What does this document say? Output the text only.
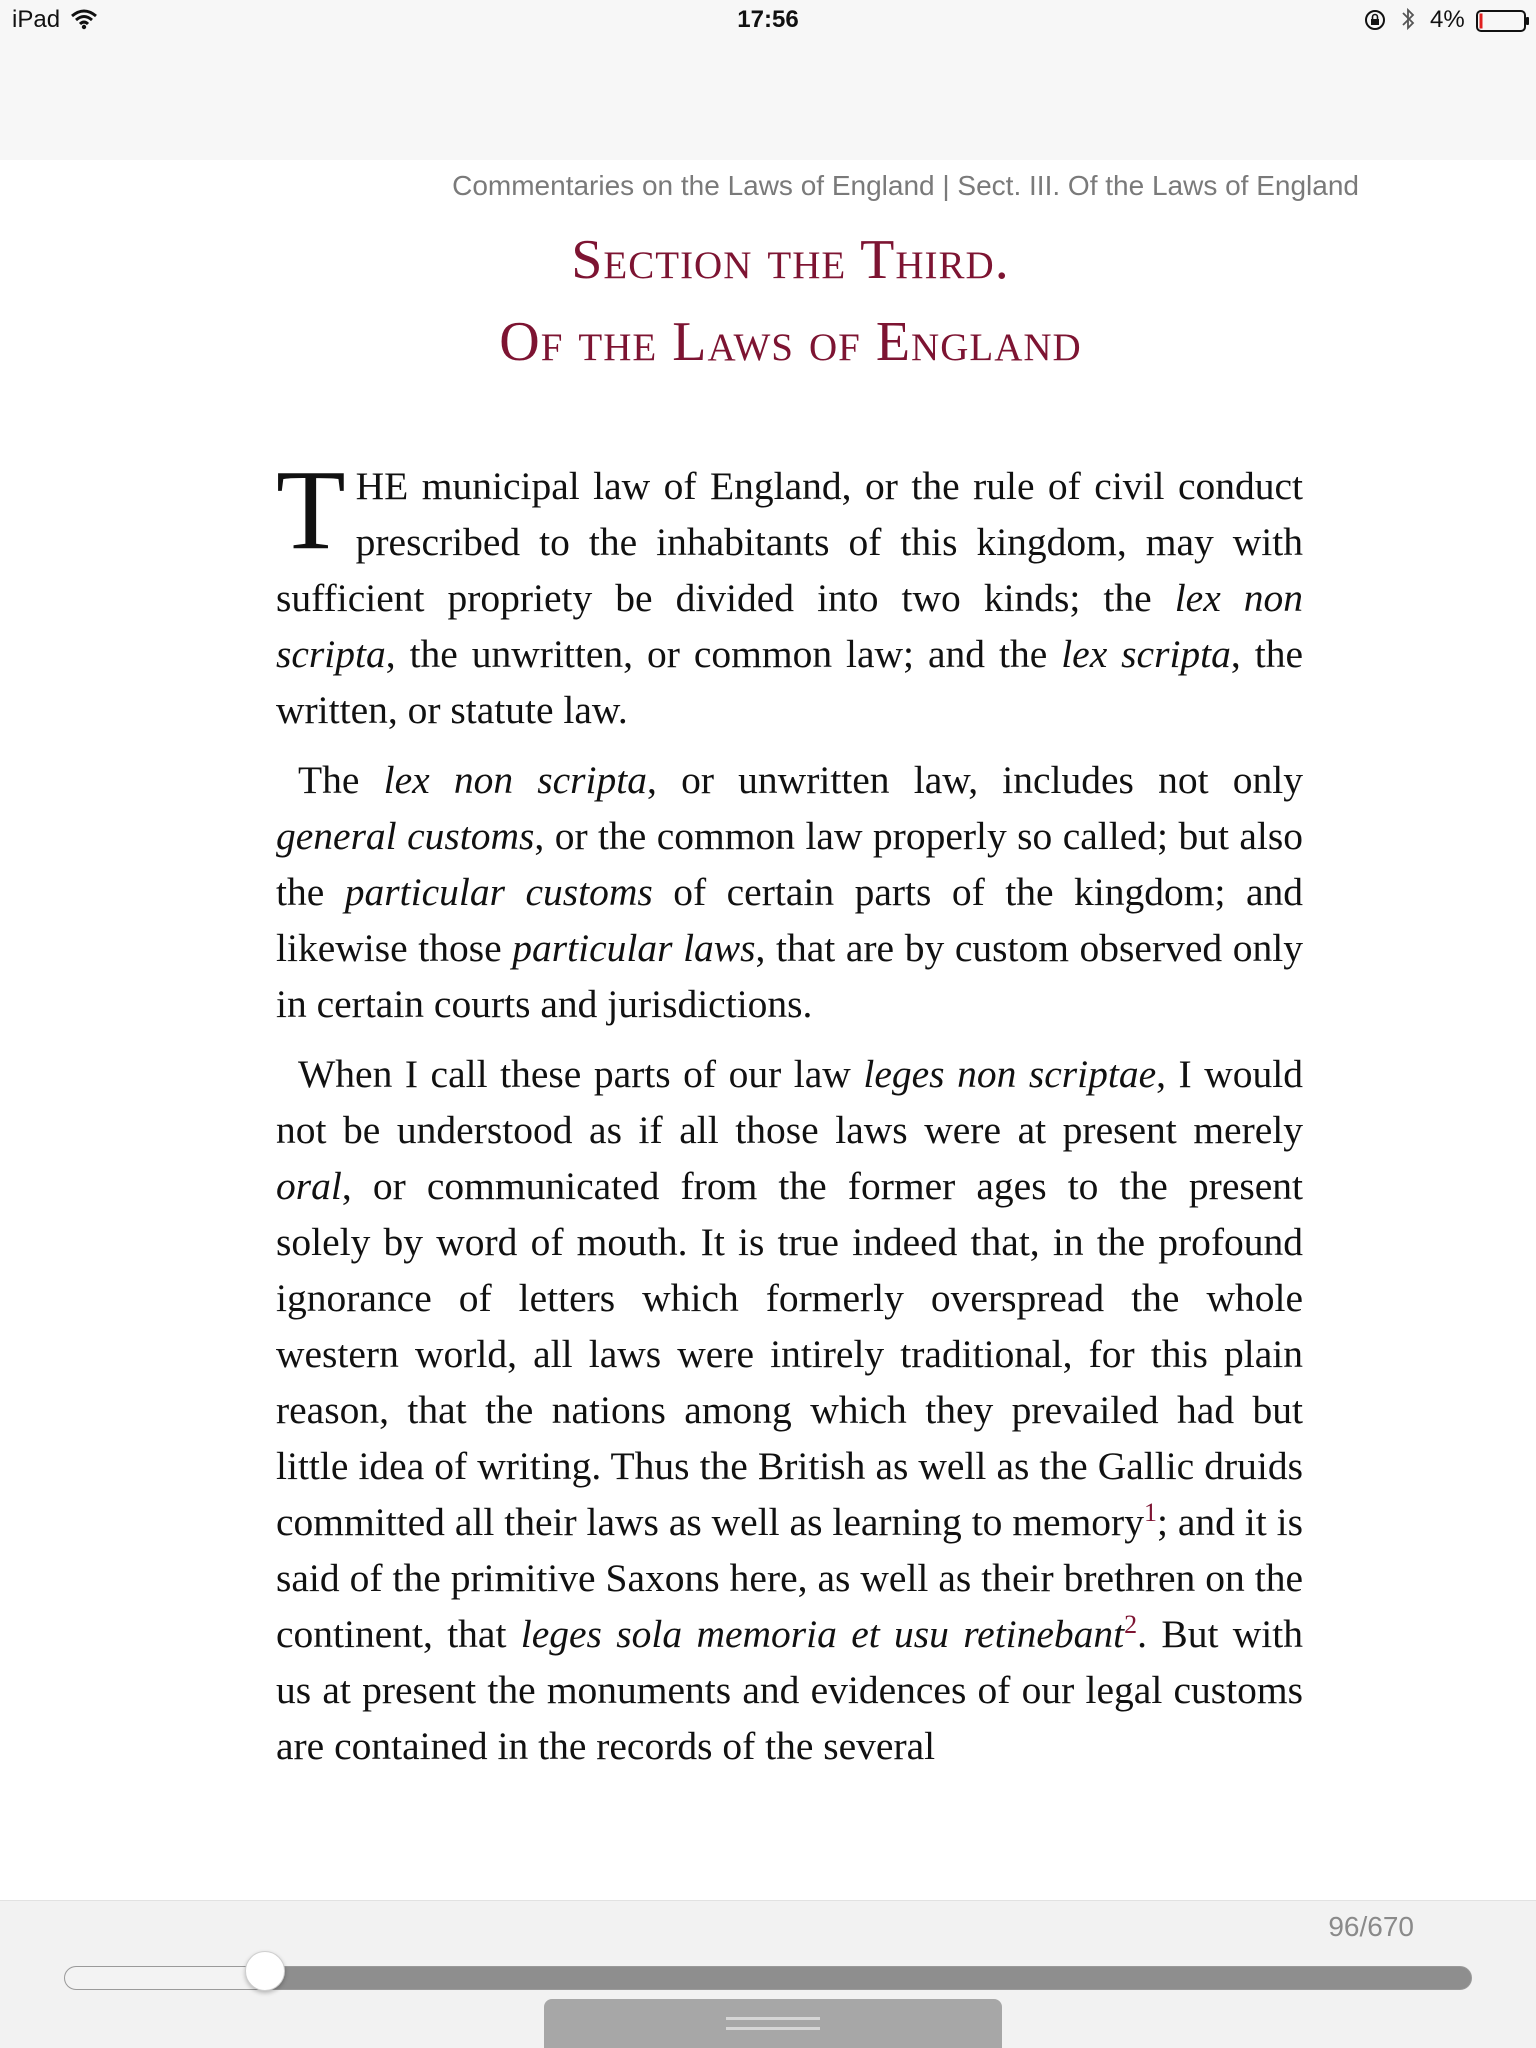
iPad	17:56	4%
Commentaries on the Laws of England | Sect. III. Of the Laws of England
Section the Third.
Of the Laws of England

THE municipal law of England, or the rule of civil conduct prescribed to the inhabitants of this kingdom, may with sufficient propriety be divided into two kinds; the lex non scripta, the unwritten, or common law; and the lex scripta, the written, or statute law.

The lex non scripta, or unwritten law, includes not only general customs, or the common law properly so called; but also the particular customs of certain parts of the kingdom; and likewise those particular laws, that are by custom observed only in certain courts and jurisdictions.

When I call these parts of our law leges non scriptae, I would not be understood as if all those laws were at present merely oral, or communicated from the former ages to the present solely by word of mouth. It is true indeed that, in the profound ignorance of letters which formerly overspread the whole western world, all laws were intirely traditional, for this plain reason, that the nations among which they prevailed had but little idea of writing. Thus the British as well as the Gallic druids committed all their laws as well as learning to memory$^1$; and it is said of the primitive Saxons here, as well as their brethren on the continent, that leges sola memoria et usu retinebant$^2$. But with us at present the monuments and evidences of our legal customs are contained in the records of the several

96/670
